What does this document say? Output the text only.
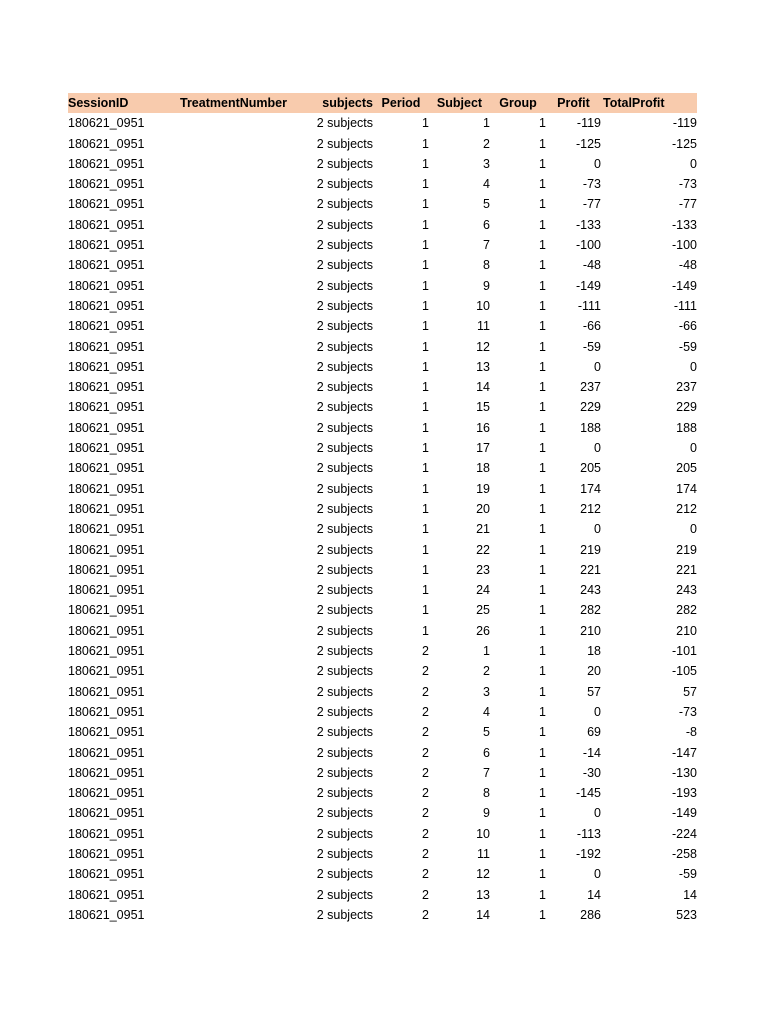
SessionID	TreatmentNumber	subjects	Period	Subject	Group	Profit	TotalProfit
180621_0951		2 subjects	1	1	1	-119	-119
180621_0951		2 subjects	1	2	1	-125	-125
180621_0951		2 subjects	1	3	1	0	0
180621_0951		2 subjects	1	4	1	-73	-73
180621_0951		2 subjects	1	5	1	-77	-77
180621_0951		2 subjects	1	6	1	-133	-133
180621_0951		2 subjects	1	7	1	-100	-100
180621_0951		2 subjects	1	8	1	-48	-48
180621_0951		2 subjects	1	9	1	-149	-149
180621_0951		2 subjects	1	10	1	-111	-111
180621_0951		2 subjects	1	11	1	-66	-66
180621_0951		2 subjects	1	12	1	-59	-59
180621_0951		2 subjects	1	13	1	0	0
180621_0951		2 subjects	1	14	1	237	237
180621_0951		2 subjects	1	15	1	229	229
180621_0951		2 subjects	1	16	1	188	188
180621_0951		2 subjects	1	17	1	0	0
180621_0951		2 subjects	1	18	1	205	205
180621_0951		2 subjects	1	19	1	174	174
180621_0951		2 subjects	1	20	1	212	212
180621_0951		2 subjects	1	21	1	0	0
180621_0951		2 subjects	1	22	1	219	219
180621_0951		2 subjects	1	23	1	221	221
180621_0951		2 subjects	1	24	1	243	243
180621_0951		2 subjects	1	25	1	282	282
180621_0951		2 subjects	1	26	1	210	210
180621_0951		2 subjects	2	1	1	18	-101
180621_0951		2 subjects	2	2	1	20	-105
180621_0951		2 subjects	2	3	1	57	57
180621_0951		2 subjects	2	4	1	0	-73
180621_0951		2 subjects	2	5	1	69	-8
180621_0951		2 subjects	2	6	1	-14	-147
180621_0951		2 subjects	2	7	1	-30	-130
180621_0951		2 subjects	2	8	1	-145	-193
180621_0951		2 subjects	2	9	1	0	-149
180621_0951		2 subjects	2	10	1	-113	-224
180621_0951		2 subjects	2	11	1	-192	-258
180621_0951		2 subjects	2	12	1	0	-59
180621_0951		2 subjects	2	13	1	14	14
180621_0951		2 subjects	2	14	1	286	523
